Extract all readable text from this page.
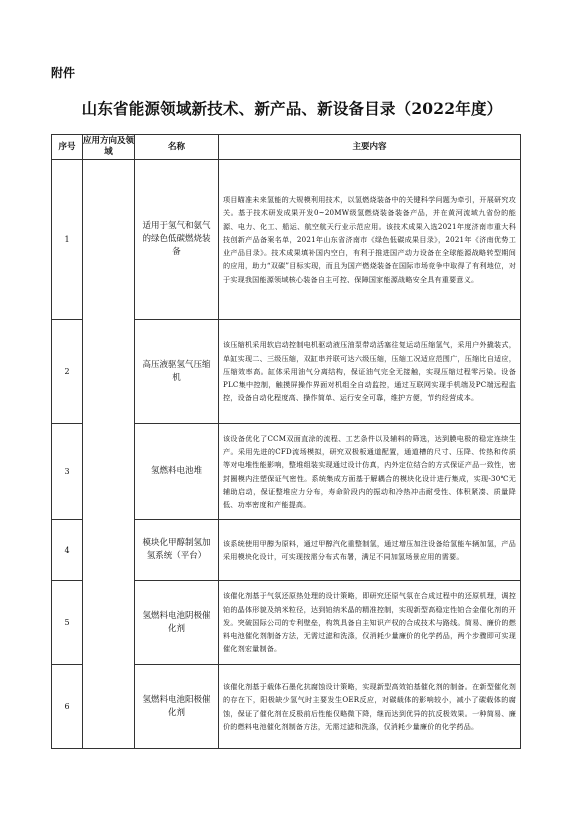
附件
山东省能源领域新技术、新产品、新设备目录（2022年度）
序号	应用方向及领域	名称	主要内容
1		适用于氢气和氨气的绿色低碳燃烧装备	项目瞄准未来氢能的大规模利用技术，以氢燃烧装备中的关键科学问题为牵引，开展研究攻关。基于技术研发成果开发0~20MW级氢燃烧装备装备产品，并在黄河流域九省份的能源、电力、化工、船运、航空航天行业示范应用。该技术成果入选2021年度济南市重大科技创新产品备案名单，2021年山东省济南市《绿色低碳成果目录》，2021年《济南优势工业产品目录》。技术成果填补国内空白，有利于推进国产动力设备在全球能源战略转型期间的应用，助力“双碳”目标实现，而且为国产燃烧装备在国际市场竞争中取得了有利地位，对于实现我国能源领域核心装备自主可控、保障国家能源战略安全具有重要意义。
2		高压液驱氢气压缩机	该压缩机采用软启动控制电机驱动液压油泵带动活塞往复运动压缩氢气，采用户外撬装式，单缸实现二、三级压缩，双缸串并联可达六级压缩，压缩工况适应范围广，压缩比自适应，压缩效率高。缸体采用油气分离结构，保证油气完全无接触，实现压缩过程零污染。设备PLC集中控制，触摸屏操作界面对机组全自动监控，通过互联网实现手机端及PC端远程监控，设备自动化程度高、操作简单、运行安全可靠，维护方便，节约经营成本。
3		氢燃料电池堆	该设备优化了CCM双面直涂的流程、工艺条件以及辅料的筛选，达到膜电极的稳定连续生产。采用先进的CFD流场模拟，研究双极板通道配置，通道槽的尺寸、压降、传热和传质等对电堆性能影响，整堆组装实现通过设计仿真，内外定位结合的方式保证产品一致性，密封圈模内注塑保证气密性。系统集成方面基于解耦合的模块化设计进行集成，实现-30℃无辅助启动，保证整堆应力分布，寿命阶段内的振动和冷热冲击耐受性、体积紧凑、质量降低、功率密度和产能提高。
4		模块化甲醇制氢加氢系统（平台）	该系统使用甲醇为原料，通过甲醇汽化重整制氢，通过增压加注设备给氢能车辆加氢，产品采用模块化设计，可实现按需分布式布署，满足不同加氢场景应用的需要。
5		氢燃料电池阴极催化剂	该催化剂基于气氛还原热处理的设计策略，即研究还原气氛在合成过程中的还原机理，调控铂的晶体形貌及纳米粒径，达到铂纳米晶的精准控制，实现新型高稳定性铂合金催化剂的开发。突破国际公司的专利壁垒，构筑具备自主知识产权的合成技术与路线。简易、廉价的燃料电池催化剂制备方法，无需过滤和洗涤，仅消耗少量廉价的化学药品，两个步骤即可实现催化剂宏量制备。
6		氢燃料电池阳极催化剂	该催化剂基于载体石墨化抗腐蚀设计策略，实现新型高效铂基催化剂的制备。在新型催化剂的存在下，阳极缺少氢气时主要发生OER反应，对碳载体的影响较小，减小了碳载体的腐蚀，保证了催化剂在反极前后性能仅略微下降，继而达到优异的抗反极效果。一种简易、廉价的燃料电池催化剂制备方法，无需过滤和洗涤，仅消耗少量廉价的化学药品。
